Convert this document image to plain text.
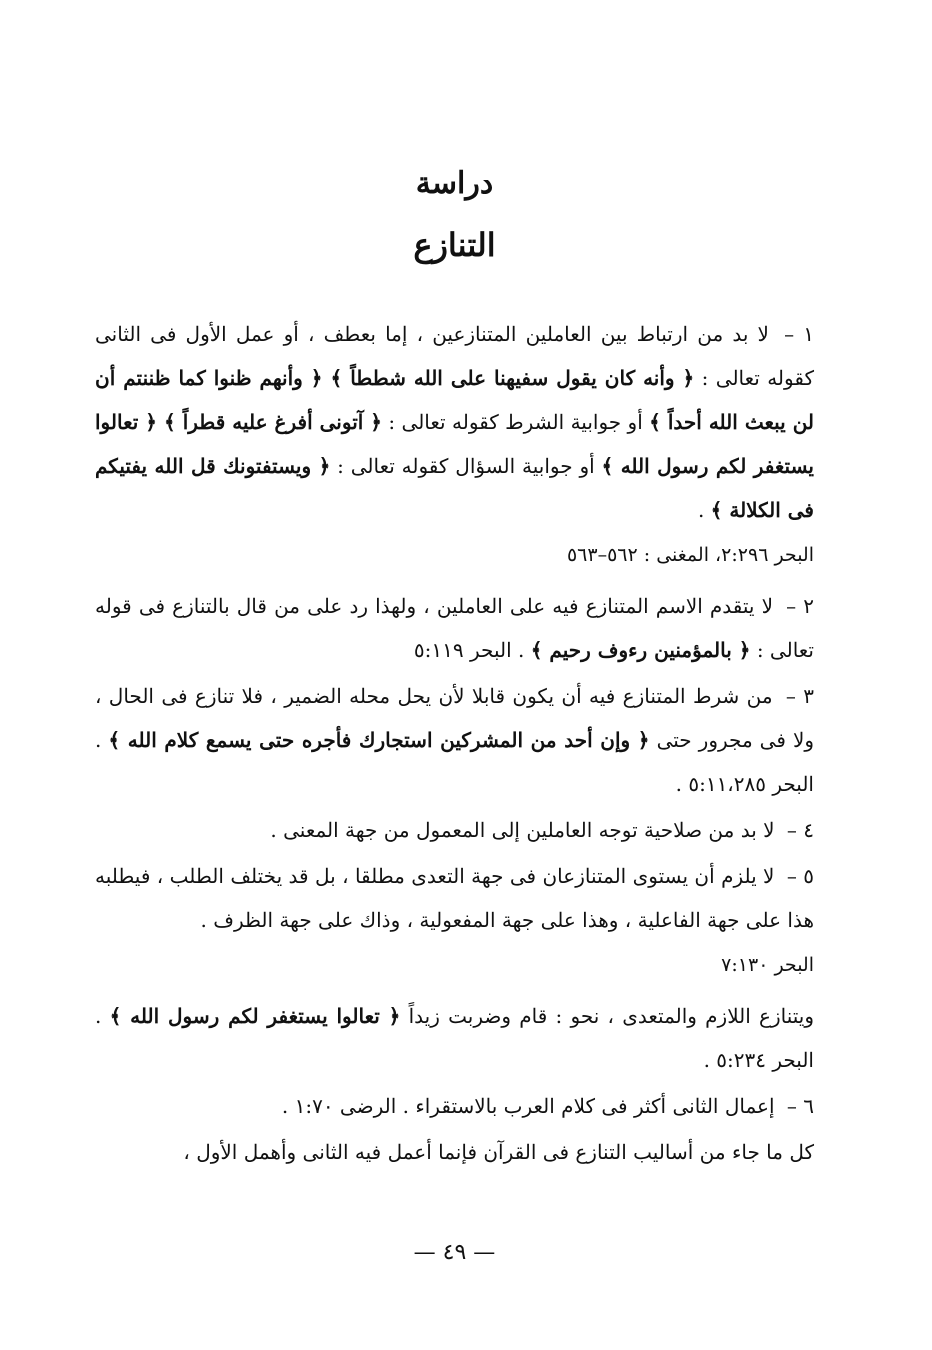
دراسة
التنازع

١ – لا بد من ارتباط بين العاملين المتنازعين ، إما بعطف ، أو عمل الأول فى الثانى كقوله تعالى : ﴿ وأنه كان يقول سفيهنا على الله شططاً ﴾ ﴿ وأنهم ظنوا كما ظننتم أن لن يبعث الله أحداً ﴾ أو جوابية الشرط كقوله تعالى : ﴿ آتونى أفرغ عليه قطراً ﴾ ﴿ تعالوا يستغفر لكم رسول الله ﴾ أو جوابية السؤال كقوله تعالى : ﴿ ويستفتونك قل الله يفتيكم فى الكلالة ﴾ .

البحر ٢:٢٩٦، المغنى : ٥٦٢–٥٦٣

٢ – لا يتقدم الاسم المتنازع فيه على العاملين ، ولهذا رد على من قال بالتنازع فى قوله تعالى : ﴿ بالمؤمنين رءوف رحيم ﴾ . البحر ٥:١١٩

٣ – من شرط المتنازع فيه أن يكون قابلا لأن يحل محله الضمير ، فلا تنازع فى الحال ، ولا فى مجرور حتى ﴿ وإن أحد من المشركين استجارك فأجره حتى يسمع كلام الله ﴾ . البحر ٥:١١،٢٨٥ .

٤ – لا بد من صلاحية توجه العاملين إلى المعمول من جهة المعنى .

٥ – لا يلزم أن يستوى المتنازعان فى جهة التعدى مطلقا ، بل قد يختلف الطلب ، فيطلبه هذا على جهة الفاعلية ، وهذا على جهة المفعولية ، وذاك على جهة الظرف .

البحر ٧:١٣٠

ويتنازع اللازم والمتعدى ، نحو : قام وضربت زيداً ﴿ تعالوا يستغفر لكم رسول الله ﴾ . البحر ٥:٢٣٤ .

٦ – إعمال الثانى أكثر فى كلام العرب بالاستقراء . الرضى ١:٧٠ .

كل ما جاء من أساليب التنازع فى القرآن فإنما أعمل فيه الثانى وأهمل الأول ،

— ٤٩ —
